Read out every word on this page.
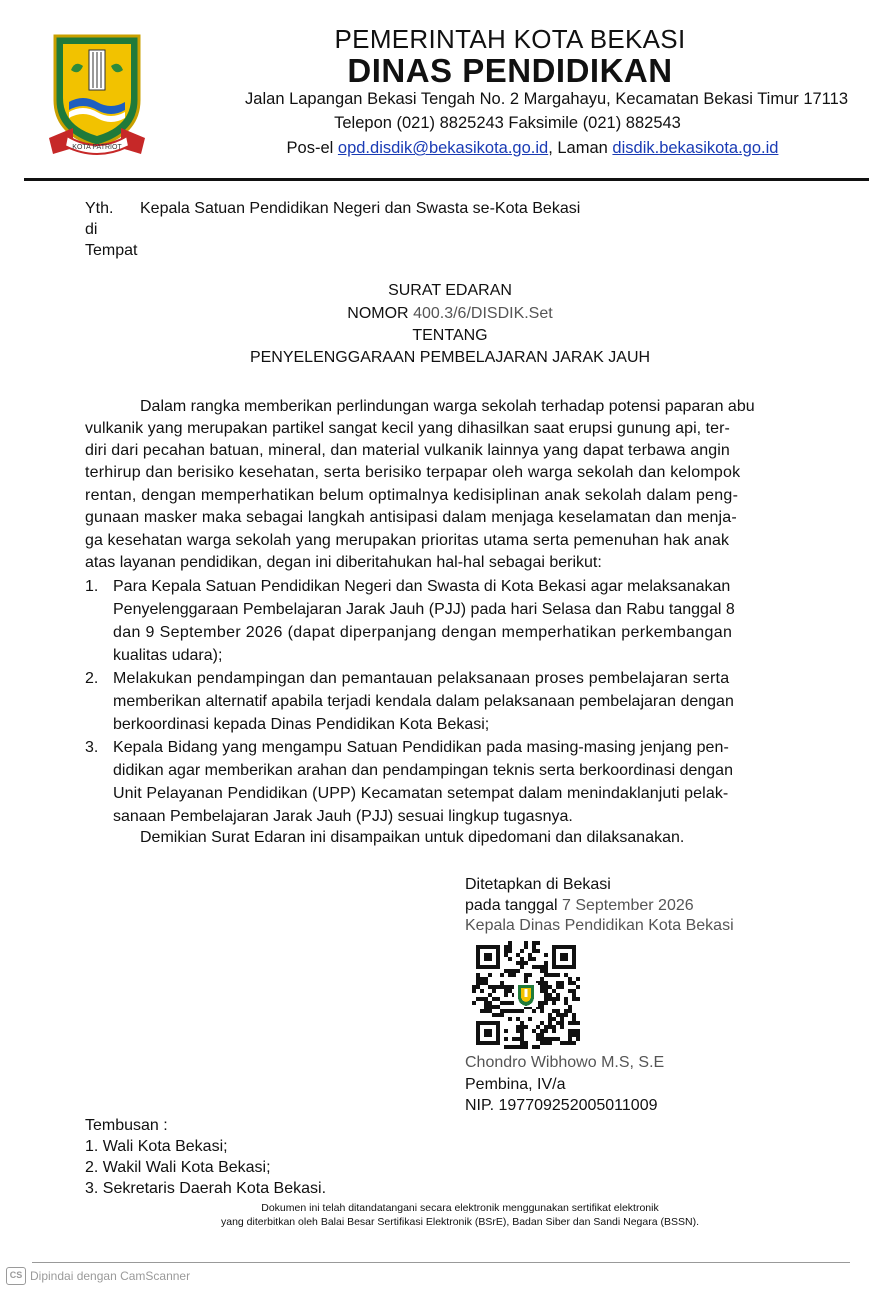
KOTA PATRIOT
PEMERINTAH KOTA BEKASI
DINAS PENDIDIKAN
Jalan Lapangan Bekasi Tengah No. 2 Margahayu, Kecamatan Bekasi Timur 17113
Telepon (021) 8825243 Faksimile (021) 882543
Pos-el opd.disdik@bekasikota.go.id, Laman disdik.bekasikota.go.id
Yth. Kepala Satuan Pendidikan Negeri dan Swasta se-Kota Bekasi
di
Tempat
SURAT EDARAN
NOMOR 400.3/6/DISDIK.Set
TENTANG
PENYELENGGARAAN PEMBELAJARAN JARAK JAUH
Dalam rangka memberikan perlindungan warga sekolah terhadap potensi paparan abu
vulkanik yang merupakan partikel sangat kecil yang dihasilkan saat erupsi gunung api, ter-
diri dari pecahan batuan, mineral, dan material vulkanik lainnya yang dapat terbawa angin
terhirup dan berisiko kesehatan, serta berisiko terpapar oleh warga sekolah dan kelompok
rentan, dengan memperhatikan belum optimalnya kedisiplinan anak sekolah dalam peng-
gunaan masker maka sebagai langkah antisipasi dalam menjaga keselamatan dan menja-
ga kesehatan warga sekolah yang merupakan prioritas utama serta pemenuhan hak anak
atas layanan pendidikan, degan ini diberitahukan hal-hal sebagai berikut:
1. Para Kepala Satuan Pendidikan Negeri dan Swasta di Kota Bekasi agar melaksanakan
Penyelenggaraan Pembelajaran Jarak Jauh (PJJ) pada hari Selasa dan Rabu tanggal 8
dan 9 September 2026 (dapat diperpanjang dengan memperhatikan perkembangan
kualitas udara);
2. Melakukan pendampingan dan pemantauan pelaksanaan proses pembelajaran serta
memberikan alternatif apabila terjadi kendala dalam pelaksanaan pembelajaran dengan
berkoordinasi kepada Dinas Pendidikan Kota Bekasi;
3. Kepala Bidang yang mengampu Satuan Pendidikan pada masing-masing jenjang pen-
didikan agar memberikan arahan dan pendampingan teknis serta berkoordinasi dengan
Unit Pelayanan Pendidikan (UPP) Kecamatan setempat dalam menindaklanjuti pelak-
sanaan Pembelajaran Jarak Jauh (PJJ) sesuai lingkup tugasnya.
Demikian Surat Edaran ini disampaikan untuk dipedomani dan dilaksanakan.
Ditetapkan di Bekasi
pada tanggal 7 September 2026
Kepala Dinas Pendidikan Kota Bekasi
Chondro Wibhowo M.S, S.E
Pembina, IV/a
NIP. 197709252005011009
Tembusan :
1. Wali Kota Bekasi;
2. Wakil Wali Kota Bekasi;
3. Sekretaris Daerah Kota Bekasi.
Dokumen ini telah ditandatangani secara elektronik menggunakan sertifikat elektronik
yang diterbitkan oleh Balai Besar Sertifikasi Elektronik (BSrE), Badan Siber dan Sandi Negara (BSSN).
CS Dipindai dengan CamScanner
